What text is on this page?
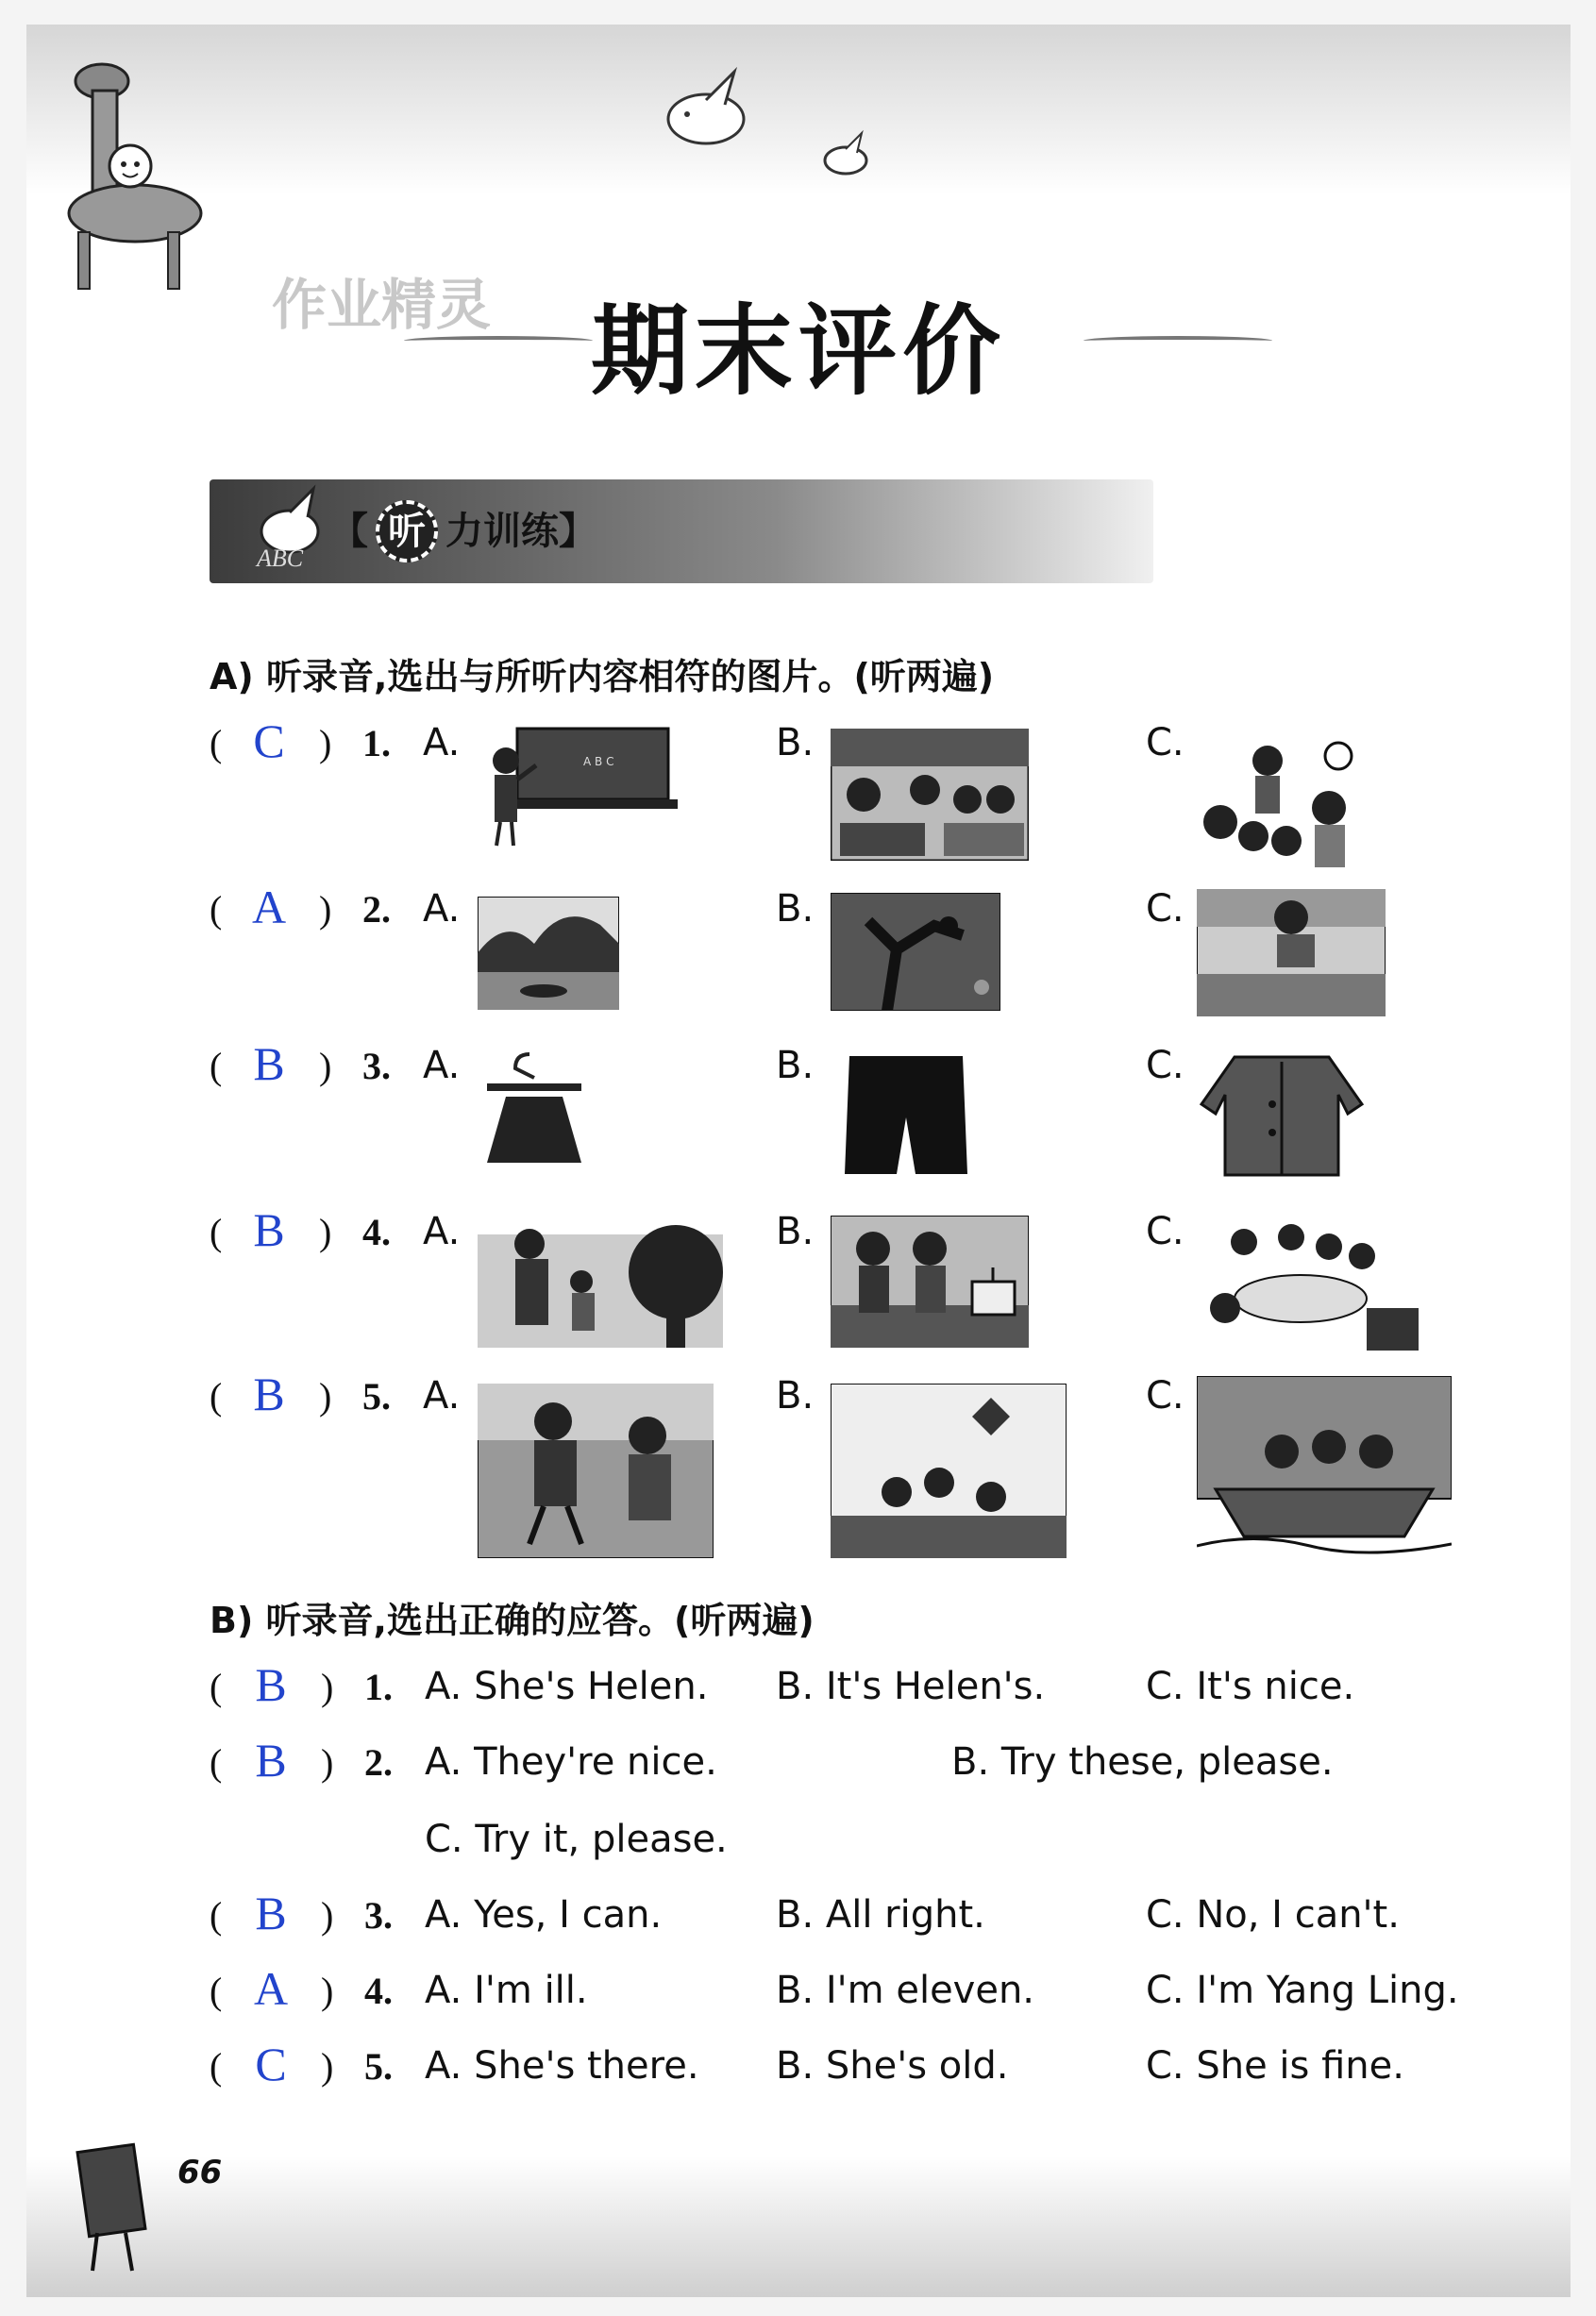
作业精灵	期末评价
ABC
【 听 力训练】
A) 听录音,选出与所听内容相符的图片。(听两遍)
( C ) 1. A.	A B C	B.	C.
( A ) 2. A.	B.	C.
( B ) 3. A.	B.	C.
( B ) 4. A.	B.	C.
( B ) 5. A.	B.	C.
B) 听录音,选出正确的应答。(听两遍)
( B ) 1. A. She's Helen. B. It's Helen's.	C. It's nice.
( B ) 2. A. They're nice.	B. Try these, please.
C. Try it, please.
( B ) 3. A. Yes, I can.	B. All right.	C. No, I can't.
( A ) 4. A. I'm ill.	B. I'm eleven.	C. I'm Yang Ling.
( C ) 5. A. She's there. B. She's old.	C. She is fine.
66
